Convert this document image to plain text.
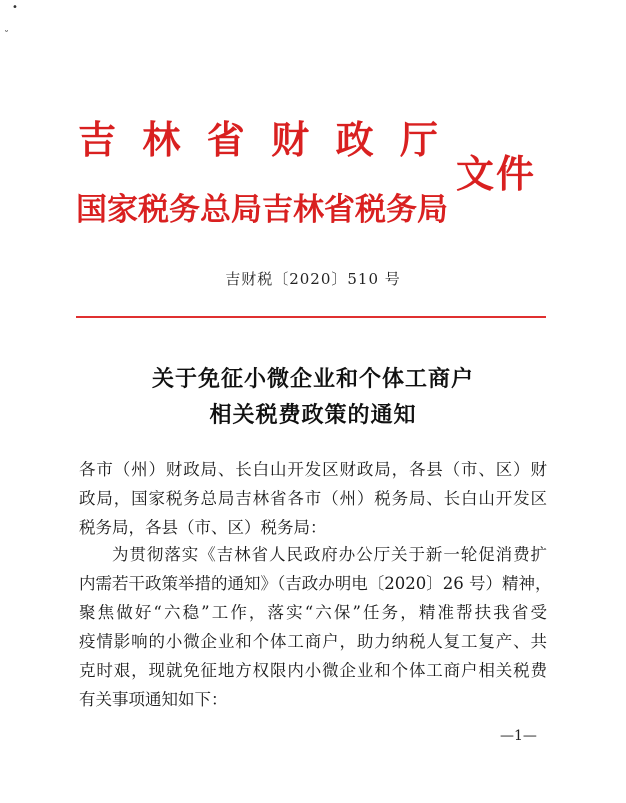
•
˘
吉 林 省 财 政 厅
国家税务总局吉林省税务局
文件
吉财税〔2020〕510 号
关于免征小微企业和个体工商户
相关税费政策的通知
各市（州）财政局、长白山开发区财政局，各县（市、区）财
政局，国家税务总局吉林省各市（州）税务局、长白山开发区
税务局，各县（市、区）税务局：
为贯彻落实《吉林省人民政府办公厅关于新一轮促消费扩
内需若干政策举措的通知》（吉政办明电〔2020〕26 号）精神，
聚焦做好“六稳”工作，落实“六保”任务，精准帮扶我省受
疫情影响的小微企业和个体工商户，助力纳税人复工复产、共
克时艰，现就免征地方权限内小微企业和个体工商户相关税费
有关事项通知如下：
—1—
